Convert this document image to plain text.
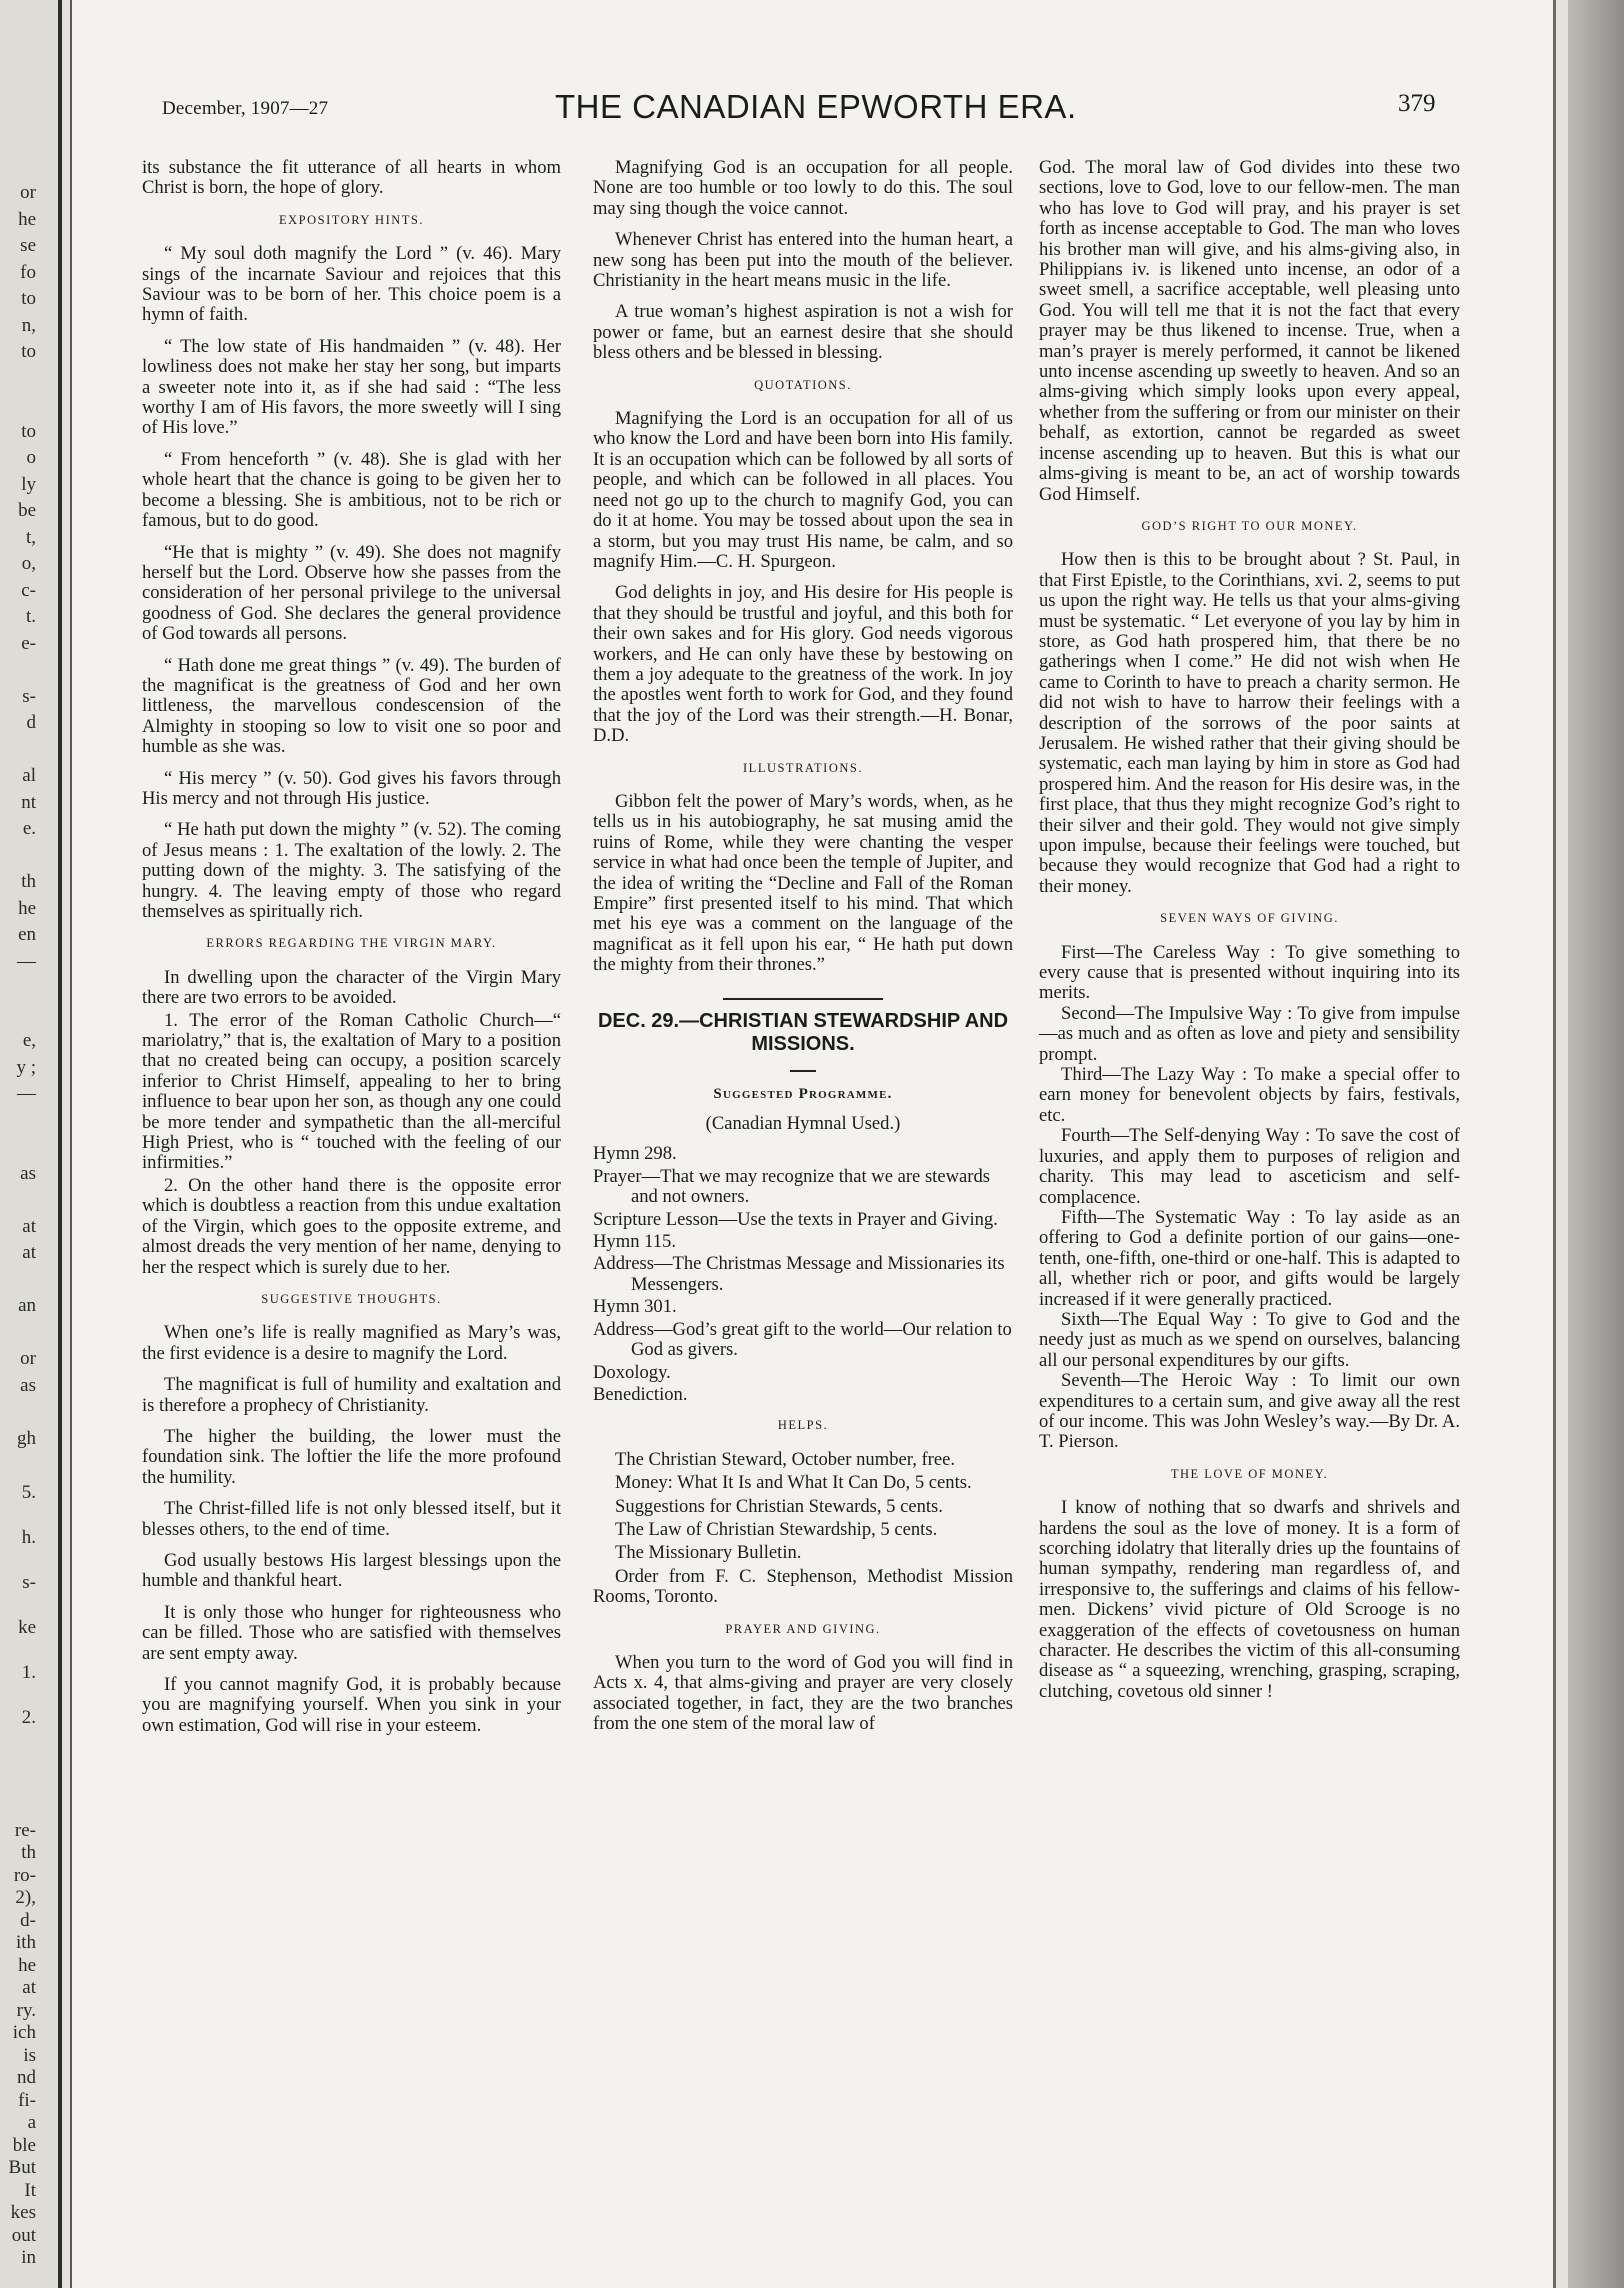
or
he
se
fo
to
n,
to
to
o
ly
be
t,
o,
c-
t.
e-
s-
d
al
nt
e.
th
he
en
—
e,
y ;
—
as
at
at
an
or
as
gh
5.
h.
s-
ke
1.
2.
re-
th
ro-
2),
d-
ith
he
at
ry.
ich
is
nd
fi-
a
ble
But
It
kes
out
in
December, 1907—27	THE CANADIAN EPWORTH ERA.	379

its substance the fit utterance of all hearts in whom Christ is born, the hope of glory.

EXPOSITORY HINTS.

“ My soul doth magnify the Lord ” (v. 46). Mary sings of the incarnate Saviour and rejoices that this Saviour was to be born of her. This choice poem is a hymn of faith.

“ The low state of His handmaiden ” (v. 48). Her lowliness does not make her stay her song, but imparts a sweeter note into it, as if she had said : “The less worthy I am of His favors, the more sweetly will I sing of His love.”

“ From henceforth ” (v. 48). She is glad with her whole heart that the chance is going to be given her to become a blessing. She is ambitious, not to be rich or famous, but to do good.

“He that is mighty ” (v. 49). She does not magnify herself but the Lord. Observe how she passes from the consideration of her personal privilege to the universal goodness of God. She declares the general providence of God towards all persons.

“ Hath done me great things ” (v. 49). The burden of the magnificat is the greatness of God and her own littleness, the marvellous condescension of the Almighty in stooping so low to visit one so poor and humble as she was.

“ His mercy ” (v. 50). God gives his favors through His mercy and not through His justice.

“ He hath put down the mighty ” (v. 52). The coming of Jesus means : 1. The exaltation of the lowly. 2. The putting down of the mighty. 3. The satisfying of the hungry. 4. The leaving empty of those who regard themselves as spiritually rich.

ERRORS REGARDING THE VIRGIN MARY.

In dwelling upon the character of the Virgin Mary there are two errors to be avoided.

1. The error of the Roman Catholic Church—“ mariolatry,” that is, the exaltation of Mary to a position that no created being can occupy, a position scarcely inferior to Christ Himself, appealing to her to bring influence to bear upon her son, as though any one could be more tender and sympathetic than the all-merciful High Priest, who is “ touched with the feeling of our infirmities.”

2. On the other hand there is the opposite error which is doubtless a reaction from this undue exaltation of the Virgin, which goes to the opposite extreme, and almost dreads the very mention of her name, denying to her the respect which is surely due to her.

SUGGESTIVE THOUGHTS.

When one’s life is really magnified as Mary’s was, the first evidence is a desire to magnify the Lord.

The magnificat is full of humility and exaltation and is therefore a prophecy of Christianity.

The higher the building, the lower must the foundation sink. The loftier the life the more profound the humility.

The Christ-filled life is not only blessed itself, but it blesses others, to the end of time.

God usually bestows His largest blessings upon the humble and thankful heart.

It is only those who hunger for righteousness who can be filled. Those who are satisfied with themselves are sent empty away.

If you cannot magnify God, it is probably because you are magnifying yourself. When you sink in your own estimation, God will rise in your esteem.

Magnifying God is an occupation for all people. None are too humble or too lowly to do this. The soul may sing though the voice cannot.

Whenever Christ has entered into the human heart, a new song has been put into the mouth of the believer. Christianity in the heart means music in the life.

A true woman’s highest aspiration is not a wish for power or fame, but an earnest desire that she should bless others and be blessed in blessing.

QUOTATIONS.

Magnifying the Lord is an occupation for all of us who know the Lord and have been born into His family. It is an occupation which can be followed by all sorts of people, and which can be followed in all places. You need not go up to the church to magnify God, you can do it at home. You may be tossed about upon the sea in a storm, but you may trust His name, be calm, and so magnify Him.—C. H. Spurgeon.

God delights in joy, and His desire for His people is that they should be trustful and joyful, and this both for their own sakes and for His glory. God needs vigorous workers, and He can only have these by bestowing on them a joy adequate to the greatness of the work. In joy the apostles went forth to work for God, and they found that the joy of the Lord was their strength.—H. Bonar, D.D.

ILLUSTRATIONS.

Gibbon felt the power of Mary’s words, when, as he tells us in his autobiography, he sat musing amid the ruins of Rome, while they were chanting the vesper service in what had once been the temple of Jupiter, and the idea of writing the “Decline and Fall of the Roman Empire” first presented itself to his mind. That which met his eye was a comment on the language of the magnificat as it fell upon his ear, “ He hath put down the mighty from their thrones.”

DEC. 29.—CHRISTIAN STEWARDSHIP AND MISSIONS.
Suggested Programme.
(Canadian Hymnal Used.)
Hymn 298.
Prayer—That we may recognize that we are stewards and not owners.
Scripture Lesson—Use the texts in Prayer and Giving.
Hymn 115.
Address—The Christmas Message and Missionaries its Messengers.
Hymn 301.
Address—God’s great gift to the world—Our relation to God as givers.
Doxology.
Benediction.
HELPS.

The Christian Steward, October number, free.

Money: What It Is and What It Can Do, 5 cents.

Suggestions for Christian Stewards, 5 cents.

The Law of Christian Stewardship, 5 cents.

The Missionary Bulletin.

Order from F. C. Stephenson, Methodist Mission Rooms, Toronto.

PRAYER AND GIVING.

When you turn to the word of God you will find in Acts x. 4, that alms-giving and prayer are very closely associated together, in fact, they are the two branches from the one stem of the moral law of

God. The moral law of God divides into these two sections, love to God, love to our fellow-men. The man who has love to God will pray, and his prayer is set forth as incense acceptable to God. The man who loves his brother man will give, and his alms-giving also, in Philippians iv. is likened unto incense, an odor of a sweet smell, a sacrifice acceptable, well pleasing unto God. You will tell me that it is not the fact that every prayer may be thus likened to incense. True, when a man’s prayer is merely performed, it cannot be likened unto incense ascending up sweetly to heaven. And so an alms-giving which simply looks upon every appeal, whether from the suffering or from our minister on their behalf, as extortion, cannot be regarded as sweet incense ascending up to heaven. But this is what our alms-giving is meant to be, an act of worship towards God Himself.

GOD’S RIGHT TO OUR MONEY.

How then is this to be brought about ? St. Paul, in that First Epistle, to the Corinthians, xvi. 2, seems to put us upon the right way. He tells us that your alms-giving must be systematic. “ Let everyone of you lay by him in store, as God hath prospered him, that there be no gatherings when I come.” He did not wish when He came to Corinth to have to preach a charity sermon. He did not wish to have to harrow their feelings with a description of the sorrows of the poor saints at Jerusalem. He wished rather that their giving should be systematic, each man laying by him in store as God had prospered him. And the reason for His desire was, in the first place, that thus they might recognize God’s right to their silver and their gold. They would not give simply upon impulse, because their feelings were touched, but because they would recognize that God had a right to their money.

SEVEN WAYS OF GIVING.

First—The Careless Way : To give something to every cause that is presented without inquiring into its merits.

Second—The Impulsive Way : To give from impulse—as much and as often as love and piety and sensibility prompt.

Third—The Lazy Way : To make a special offer to earn money for benevolent objects by fairs, festivals, etc.

Fourth—The Self-denying Way : To save the cost of luxuries, and apply them to purposes of religion and charity. This may lead to asceticism and self-complacence.

Fifth—The Systematic Way : To lay aside as an offering to God a definite portion of our gains—one-tenth, one-fifth, one-third or one-half. This is adapted to all, whether rich or poor, and gifts would be largely increased if it were generally practiced.

Sixth—The Equal Way : To give to God and the needy just as much as we spend on ourselves, balancing all our personal expenditures by our gifts.

Seventh—The Heroic Way : To limit our own expenditures to a certain sum, and give away all the rest of our income. This was John Wesley’s way.—By Dr. A. T. Pierson.

THE LOVE OF MONEY.

I know of nothing that so dwarfs and shrivels and hardens the soul as the love of money. It is a form of scorching idolatry that literally dries up the fountains of human sympathy, rendering man regardless of, and irresponsive to, the sufferings and claims of his fellow-men. Dickens’ vivid picture of Old Scrooge is no exaggeration of the effects of covetousness on human character. He describes the victim of this all-consuming disease as “ a squeezing, wrenching, grasping, scraping, clutching, covetous old sinner !
